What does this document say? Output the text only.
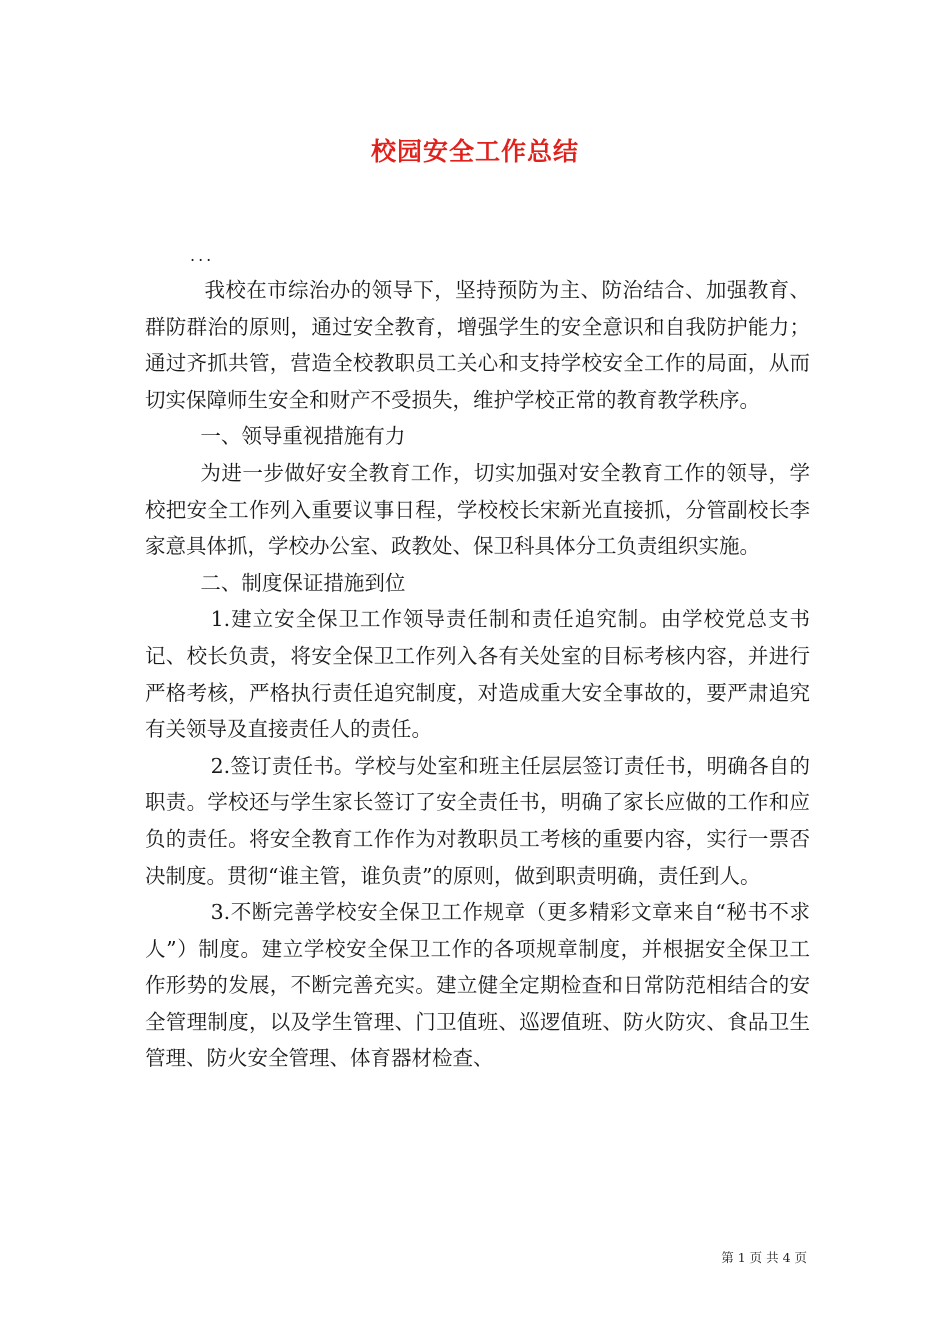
校园安全工作总结

...

我校在市综治办的领导下，坚持预防为主、防治结合、加强教育、群防群治的原则，通过安全教育，增强学生的安全意识和自我防护能力；通过齐抓共管，营造全校教职员工关心和支持学校安全工作的局面，从而切实保障师生安全和财产不受损失，维护学校正常的教育教学秩序。

一、领导重视措施有力

为进一步做好安全教育工作，切实加强对安全教育工作的领导，学校把安全工作列入重要议事日程，学校校长宋新光直接抓，分管副校长李家意具体抓，学校办公室、政教处、保卫科具体分工负责组织实施。

二、制度保证措施到位

1.建立安全保卫工作领导责任制和责任追究制。由学校党总支书记、校长负责，将安全保卫工作列入各有关处室的目标考核内容，并进行严格考核，严格执行责任追究制度，对造成重大安全事故的，要严肃追究有关领导及直接责任人的责任。

2.签订责任书。学校与处室和班主任层层签订责任书，明确各自的职责。学校还与学生家长签订了安全责任书，明确了家长应做的工作和应负的责任。将安全教育工作作为对教职员工考核的重要内容，实行一票否决制度。贯彻“谁主管，谁负责”的原则，做到职责明确，责任到人。

3.不断完善学校安全保卫工作规章（更多精彩文章来自“秘书不求人”）制度。建立学校安全保卫工作的各项规章制度，并根据安全保卫工作形势的发展，不断完善充实。建立健全定期检查和日常防范相结合的安全管理制度，以及学生管理、门卫值班、巡逻值班、防火防灾、食品卫生管理、防火安全管理、体育器材检查、

第 1 页 共 4 页
